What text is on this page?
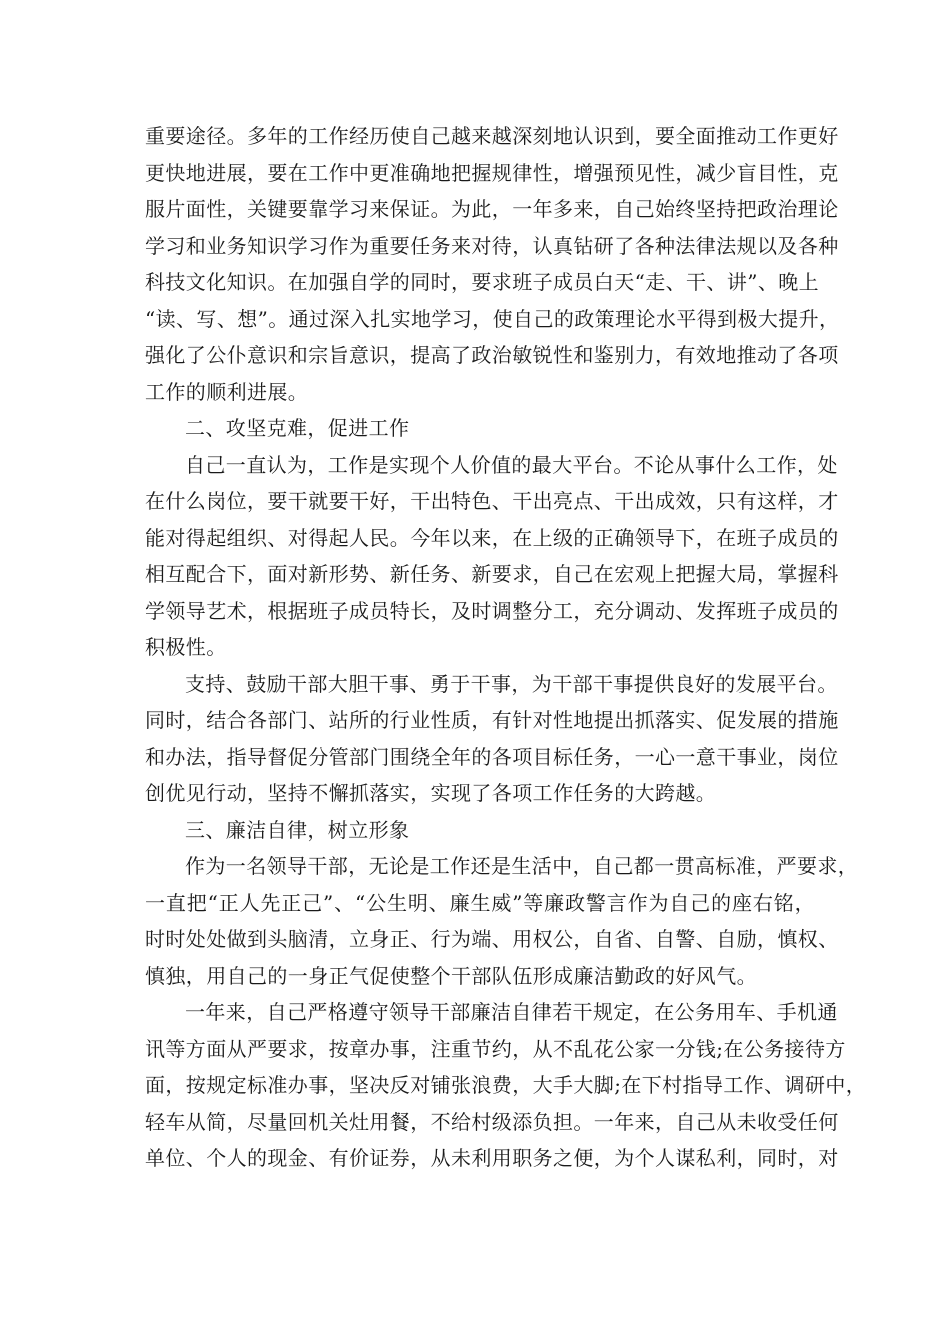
重要途径。多年的工作经历使自己越来越深刻地认识到，要全面推动工作更好
更快地进展，要在工作中更准确地把握规律性，增强预见性，减少盲目性，克
服片面性，关键要靠学习来保证。为此，一年多来，自己始终坚持把政治理论
学习和业务知识学习作为重要任务来对待，认真钻研了各种法律法规以及各种
科技文化知识。在加强自学的同时，要求班子成员白天“走、干、讲”、晚上
“读、写、想”。通过深入扎实地学习，使自己的政策理论水平得到极大提升，
强化了公仆意识和宗旨意识，提高了政治敏锐性和鉴别力，有效地推动了各项
工作的顺利进展。
二、攻坚克难，促进工作
自己一直认为，工作是实现个人价值的最大平台。不论从事什么工作，处
在什么岗位，要干就要干好，干出特色、干出亮点、干出成效，只有这样，才
能对得起组织、对得起人民。今年以来，在上级的正确领导下，在班子成员的
相互配合下，面对新形势、新任务、新要求，自己在宏观上把握大局，掌握科
学领导艺术，根据班子成员特长，及时调整分工，充分调动、发挥班子成员的
积极性。
支持、鼓励干部大胆干事、勇于干事，为干部干事提供良好的发展平台。
同时，结合各部门、站所的行业性质，有针对性地提出抓落实、促发展的措施
和办法，指导督促分管部门围绕全年的各项目标任务，一心一意干事业，岗位
创优见行动，坚持不懈抓落实，实现了各项工作任务的大跨越。
三、廉洁自律，树立形象
作为一名领导干部，无论是工作还是生活中，自己都一贯高标准，严要求，
一直把“正人先正己”、“公生明、廉生威”等廉政警言作为自己的座右铭，
时时处处做到头脑清，立身正、行为端、用权公，自省、自警、自励，慎权、
慎独，用自己的一身正气促使整个干部队伍形成廉洁勤政的好风气。
一年来，自己严格遵守领导干部廉洁自律若干规定，在公务用车、手机通
讯等方面从严要求，按章办事，注重节约，从不乱花公家一分钱;在公务接待方
面，按规定标准办事，坚决反对铺张浪费，大手大脚;在下村指导工作、调研中，
轻车从简，尽量回机关灶用餐，不给村级添负担。一年来，自己从未收受任何
单位、个人的现金、有价证券，从未利用职务之便，为个人谋私利，同时，对
